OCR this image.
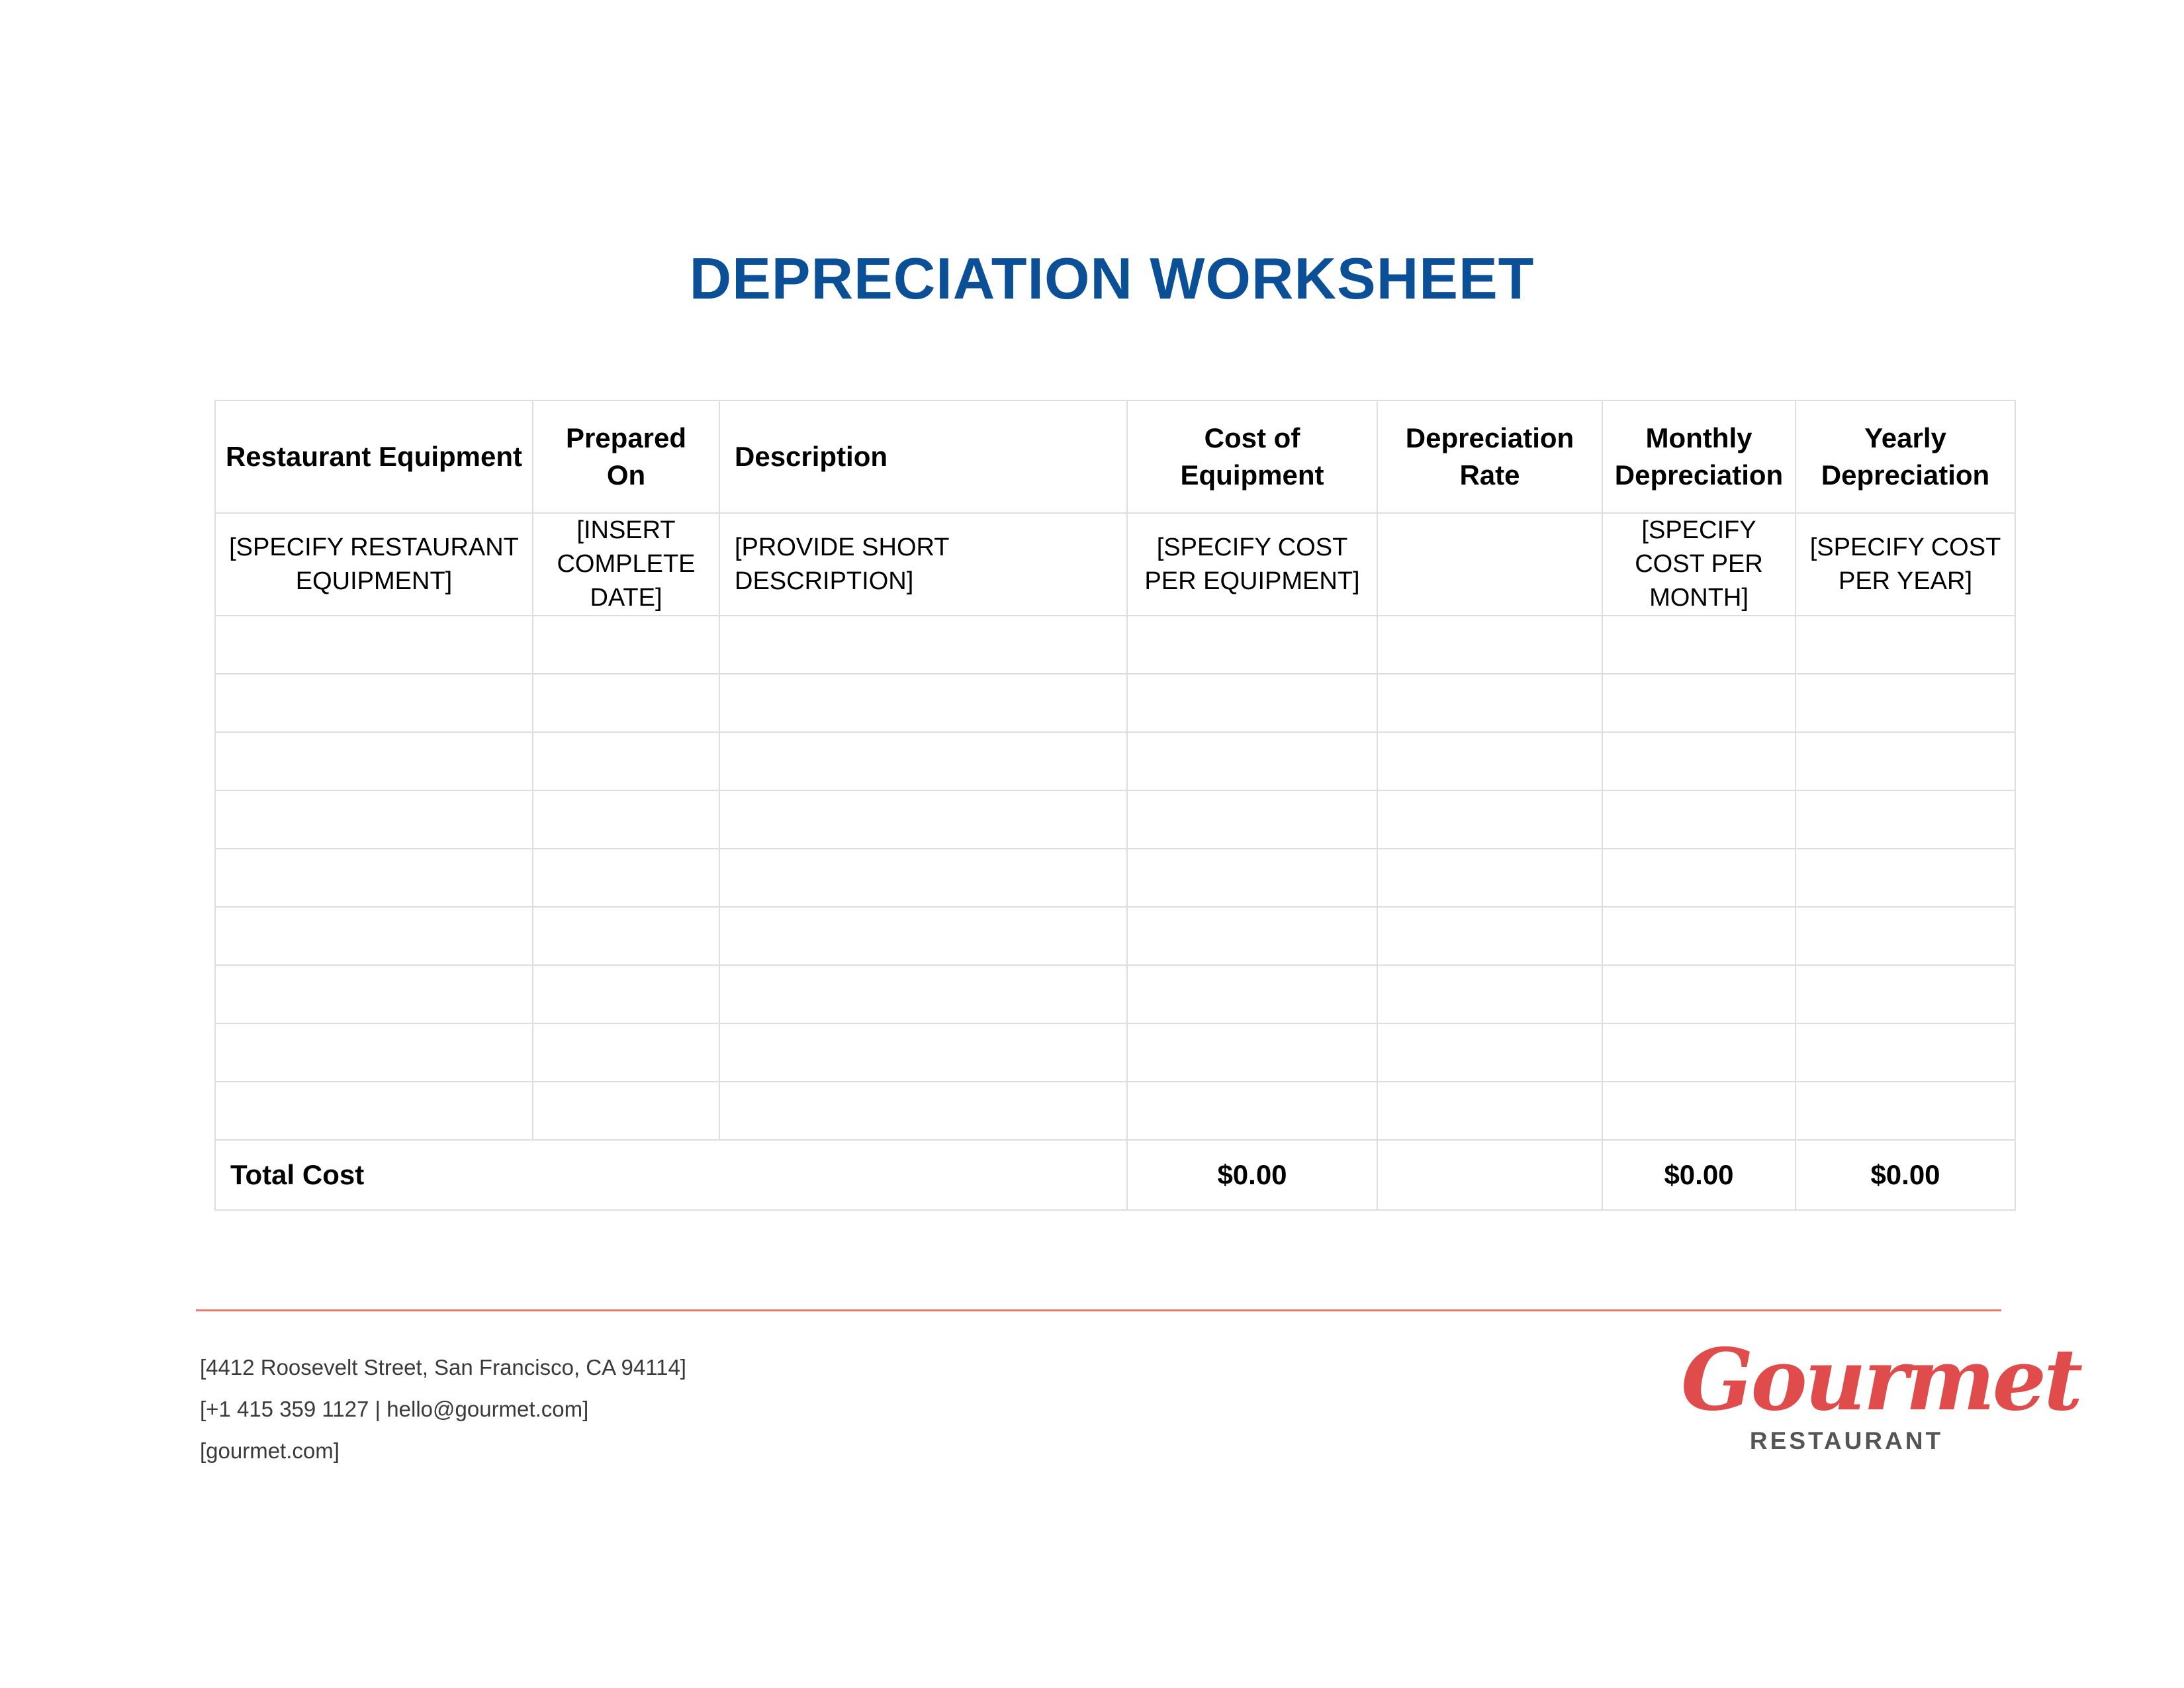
DEPRECIATION WORKSHEET
Restaurant Equipment	Prepared On	Description	Cost of Equipment	Depreciation Rate	Monthly Depreciation	Yearly Depreciation
[SPECIFY RESTAURANT EQUIPMENT]	[INSERT COMPLETE DATE]	[PROVIDE SHORT DESCRIPTION]	[SPECIFY COST PER EQUIPMENT]		[SPECIFY COST PER MONTH]	[SPECIFY COST PER YEAR]

Total Cost			$0.00		$0.00	$0.00
[4412 Roosevelt Street, San Francisco, CA 94114]
[+1 415 359 1127 | hello@gourmet.com]
[gourmet.com]
Gourmet
RESTAURANT
